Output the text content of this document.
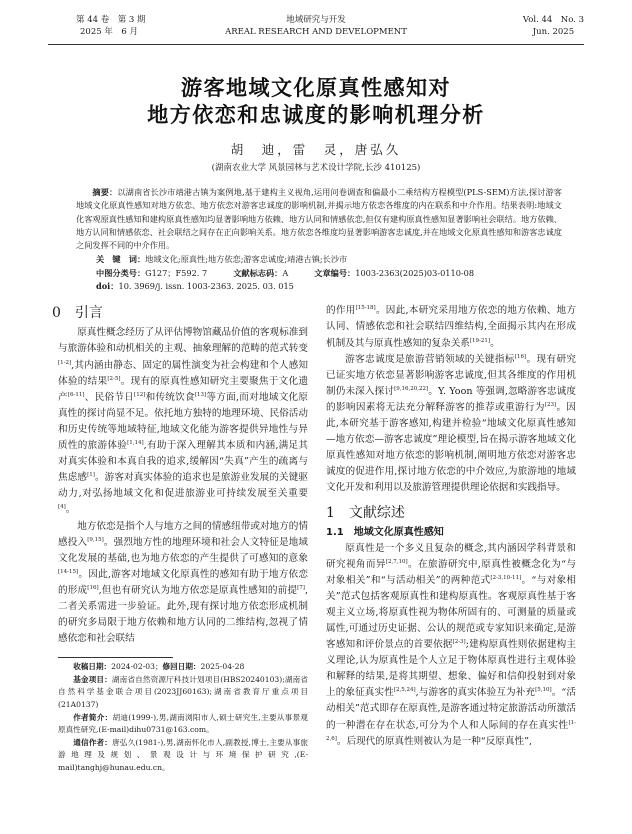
地域研究与开发
AREAL RESEARCH AND DEVELOPMENT
第 44 卷　第 3 期
2025 年　6 月
Vol. 44　No. 3
Jun. 2025
游客地域文化原真性感知对
地方依恋和忠诚度的影响机理分析
胡　迪，雷　灵，唐弘久
(湖南农业大学 风景园林与艺术设计学院,长沙 410125)
摘要：以湖南省长沙市靖港古镇为案例地,基于建构主义视角,运用问卷调查和偏最小二乘结构方程模型(PLS-SEM)方法,探讨游客地域文化原真性感知对地方依恋、地方依恋对游客忠诚度的影响机制,并揭示地方依恋各维度的内在联系和中介作用。结果表明:地域文化客观原真性感知和建构原真性感知均显著影响地方依赖、地方认同和情感依恋,但仅有建构原真性感知显著影响社会联结。地方依赖、地方认同和情感依恋、社会联结之间存在正向影响关系。地方依恋各维度均显著影响游客忠诚度,并在地域文化原真性感知和游客忠诚度之间发挥不同的中介作用。
关　键　词：地域文化;原真性;地方依恋;游客忠诚度;靖港古镇;长沙市
中图分类号：G127；F592. 7	文献标志码：A	文章编号：1003-2363(2025)03-0110-08
doi：10. 3969/j. issn. 1003-2363. 2025. 03. 015
0　引言

原真性概念经历了从评估博物馆藏品价值的客观标准到与旅游体验和动机相关的主观、抽象理解的范畴的范式转变[1-2],其内涵由静态、固定的属性演变为社会构建和个人感知体验的结果[2-5]。现有的原真性感知研究主要聚焦于文化遗产[6-11]、民俗节日[12]和传统饮食[13]等方面,而对地域文化原真性的探讨尚显不足。依托地方独特的地理环境、民俗活动和历史传统等地域特征,地域文化能为游客提供异地性与异质性的旅游体验[1,14],有助于深入理解其本质和内涵,满足其对真实体验和本真自我的追求,缓解因“失真”产生的疏离与焦虑感[1]。游客对真实体验的追求也是旅游业发展的关键驱动力,对弘扬地域文化和促进旅游业可持续发展至关重要[4]。

地方依恋是指个人与地方之间的情感纽带或对地方的情感投入[9,15]。强烈地方性的地理环境和社会人文特征是地域文化发展的基础,也为地方依恋的产生提供了可感知的意象[14-15]。因此,游客对地域文化原真性的感知有助于地方依恋的形成[16],但也有研究认为地方依恋是原真性感知的前提[7],二者关系需进一步验证。此外,现有探讨地方依恋形成机制的研究多局限于地方依赖和地方认同的二维结构,忽视了情感依恋和社会联结

收稿日期：2024-02-03；修回日期：2025-04-28

基金项目：湖南省自然资源厅科技计划项目(HBS20240103);湖南省自然科学基金联合项目(2023JJ60163);湖南省教育厅重点项目(21A0137)

作者简介：胡迪(1999-),男,湖南浏阳市人,硕士研究生,主要从事景观原真性研究,(E-mail)dihu0731@163.com。

通信作者：唐弘久(1981-),男,湖南怀化市人,副教授,博士,主要从事旅游地理及规划、景观设计与环境保护研究,(E-mail)tanghj@hunau.edu.cn。

的作用[15-18]。因此,本研究采用地方依恋的地方依赖、地方认同、情感依恋和社会联结四维结构,全面揭示其内在形成机制及其与原真性感知的复杂关系[19-21]。

游客忠诚度是旅游营销领域的关键指标[16]。现有研究已证实地方依恋显著影响游客忠诚度,但其各维度的作用机制仍未深入探讨[9,16,20,22]。Y. Yoon 等强调,忽略游客忠诚度的影响因素将无法充分解释游客的推荐或重游行为[23]。因此,本研究基于游客感知,构建并检验“地域文化原真性感知—地方依恋—游客忠诚度”理论模型,旨在揭示游客地域文化原真性感知对地方依恋的影响机制,阐明地方依恋对游客忠诚度的促进作用,探讨地方依恋的中介效应,为旅游地的地域文化开发和利用以及旅游管理提供理论依据和实践指导。

1　文献综述
1.1　地域文化原真性感知

原真性是一个多义且复杂的概念,其内涵因学科背景和研究视角而异[2,7,10]。在旅游研究中,原真性被概念化为“与对象相关”和“与活动相关”的两种范式[2-3,10-11]。“与对象相关”范式包括客观原真性和建构原真性。客观原真性基于客观主义立场,将原真性视为物体所固有的、可测量的质量或属性,可通过历史证据、公认的规范或专家知识来确定,是游客感知和评价景点的首要依据[2-3];建构原真性则依据建构主义理论,认为原真性是个人立足于物体原真性进行主观体验和解释的结果,是将其期望、想象、偏好和信仰投射到对象上的象征真实性[2,5,24],与游客的真实体验互为补充[5,10]。“活动相关”范式即存在原真性,是游客通过特定旅游活动所激活的一种潜在存在状态,可分为个人和人际间的存在真实性[1-2,6]。后现代的原真性则被认为是一种“反原真性”,
